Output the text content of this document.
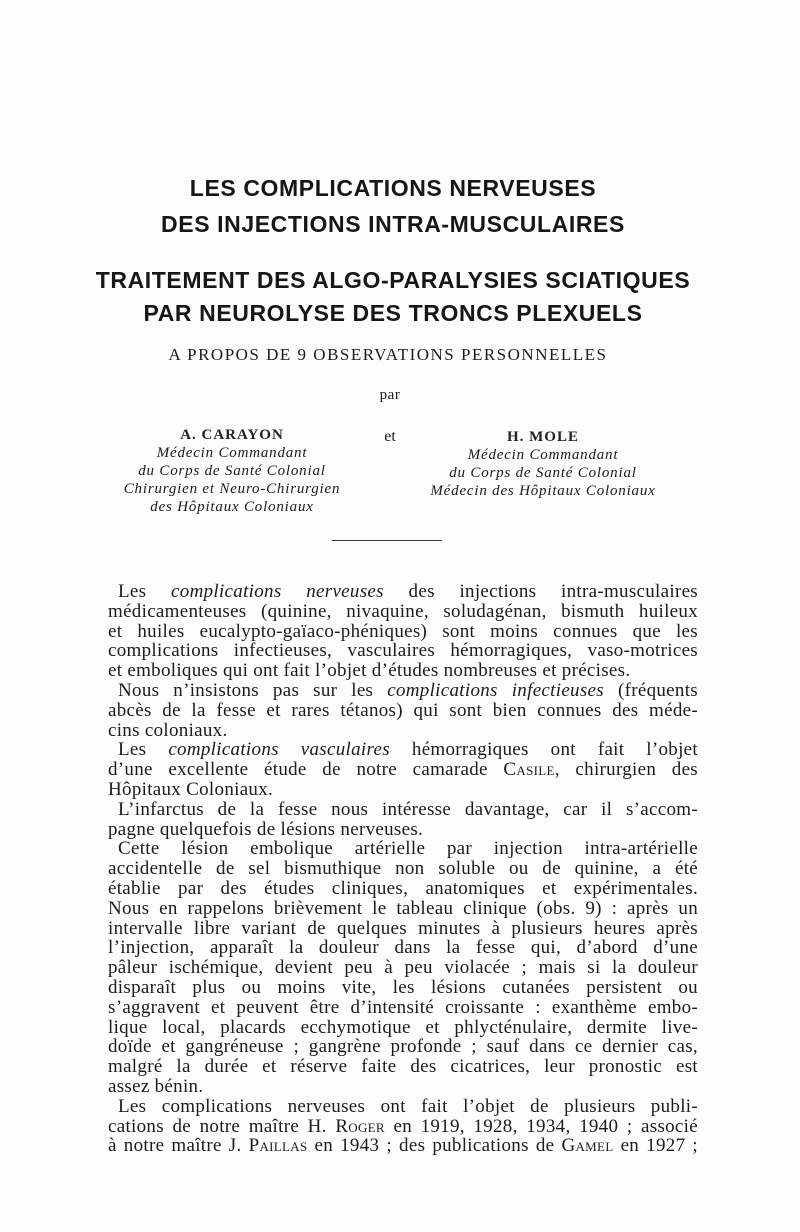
LES COMPLICATIONS NERVEUSES
DES INJECTIONS INTRA-MUSCULAIRES
TRAITEMENT DES ALGO-PARALYSIES SCIATIQUES
PAR NEUROLYSE DES TRONCS PLEXUELS
A PROPOS DE 9 OBSERVATIONS PERSONNELLES
par
A. CARAYON
Médecin Commandant
du Corps de Santé Colonial
Chirurgien et Neuro-Chirurgien
des Hôpitaux Coloniaux
et	H. MOLE
Médecin Commandant
du Corps de Santé Colonial
Médecin des Hôpitaux Coloniaux
Les complications nerveuses des injections intra-musculaires
médicamenteuses (quinine, nivaquine, soludagénan, bismuth huileux
et huiles eucalypto-gaïaco-phéniques) sont moins connues que les
complications infectieuses, vasculaires hémorragiques, vaso-motrices
et emboliques qui ont fait l’objet d’études nombreuses et précises.
Nous n’insistons pas sur les complications infectieuses (fréquents
abcès de la fesse et rares tétanos) qui sont bien connues des méde-
cins coloniaux.
Les complications vasculaires hémorragiques ont fait l’objet
d’une excellente étude de notre camarade Casile, chirurgien des
Hôpitaux Coloniaux.
L’infarctus de la fesse nous intéresse davantage, car il s’accom-
pagne quelquefois de lésions nerveuses.
Cette lésion embolique artérielle par injection intra-artérielle
accidentelle de sel bismuthique non soluble ou de quinine, a été
établie par des études cliniques, anatomiques et expérimentales.
Nous en rappelons brièvement le tableau clinique (obs. 9) : après un
intervalle libre variant de quelques minutes à plusieurs heures après
l’injection, apparaît la douleur dans la fesse qui, d’abord d’une
pâleur ischémique, devient peu à peu violacée ; mais si la douleur
disparaît plus ou moins vite, les lésions cutanées persistent ou
s’aggravent et peuvent être d’intensité croissante : exanthème embo-
lique local, placards ecchymotique et phlycténulaire, dermite live-
doïde et gangréneuse ; gangrène profonde ; sauf dans ce dernier cas,
malgré la durée et réserve faite des cicatrices, leur pronostic est
assez bénin.
Les complications nerveuses ont fait l’objet de plusieurs publi-
cations de notre maître H. Roger en 1919, 1928, 1934, 1940 ; associé
à notre maître J. Paillas en 1943 ; des publications de Gamel en 1927 ;
